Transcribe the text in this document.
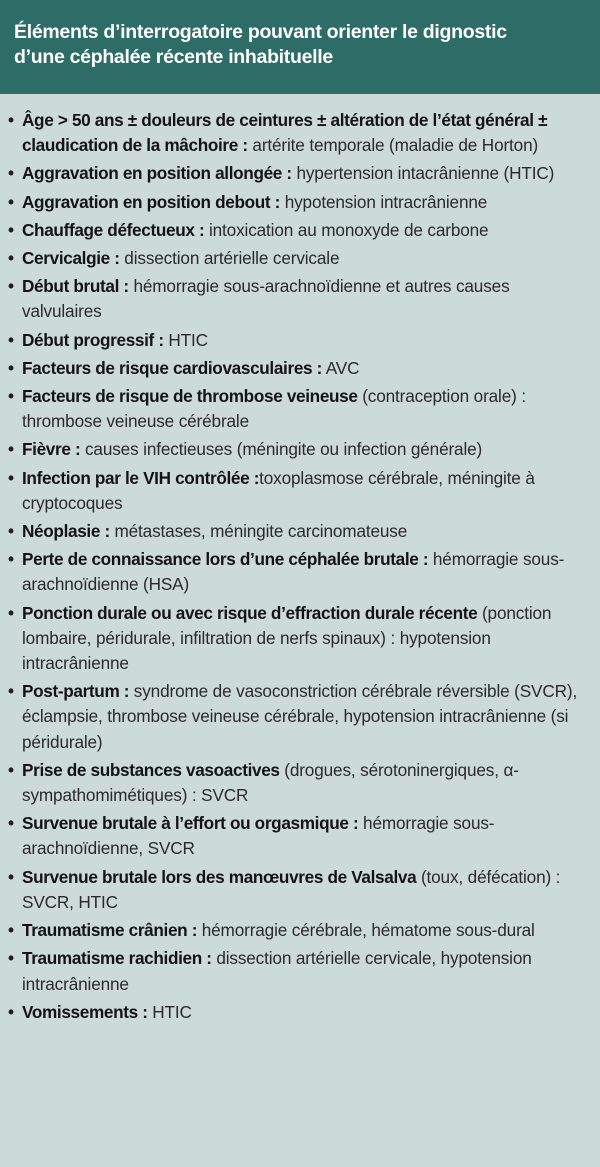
Éléments d’interrogatoire pouvant orienter le dignostic
d’une céphalée récente inhabituelle
• Âge > 50 ans ± douleurs de ceintures ± altération de l’état général ± claudication de la mâchoire : artérite temporale (maladie de Horton)
• Aggravation en position allongée : hypertension intacrânienne (HTIC)
• Aggravation en position debout : hypotension intracrânienne
• Chauffage défectueux : intoxication au monoxyde de carbone
• Cervicalgie : dissection artérielle cervicale
• Début brutal : hémorragie sous-arachnoïdienne et autres causes valvulaires
• Début progressif : HTIC
• Facteurs de risque cardiovasculaires : AVC
• Facteurs de risque de thrombose veineuse (contraception orale) : thrombose veineuse cérébrale
• Fièvre : causes infectieuses (méningite ou infection générale)
• Infection par le VIH contrôlée :toxoplasmose cérébrale, méningite à cryptocoques
• Néoplasie : métastases, méningite carcinomateuse
• Perte de connaissance lors d’une céphalée brutale : hémorragie sous-arachnoïdienne (HSA)
• Ponction durale ou avec risque d’effraction durale récente (ponction lombaire, péridurale, infiltration de nerfs spinaux) : hypotension intracrânienne
• Post-partum : syndrome de vasoconstriction cérébrale réversible (SVCR), éclampsie, thrombose veineuse cérébrale, hypotension intracrânienne (si péridurale)
• Prise de substances vasoactives (drogues, sérotoninergiques, α-sympathomimétiques) : SVCR
• Survenue brutale à l’effort ou orgasmique : hémorragie sous-arachnoïdienne, SVCR
• Survenue brutale lors des manœuvres de Valsalva (toux, défécation) : SVCR, HTIC
• Traumatisme crânien : hémorragie cérébrale, hématome sous-dural
• Traumatisme rachidien : dissection artérielle cervicale, hypotension intracrânienne
• Vomissements : HTIC
